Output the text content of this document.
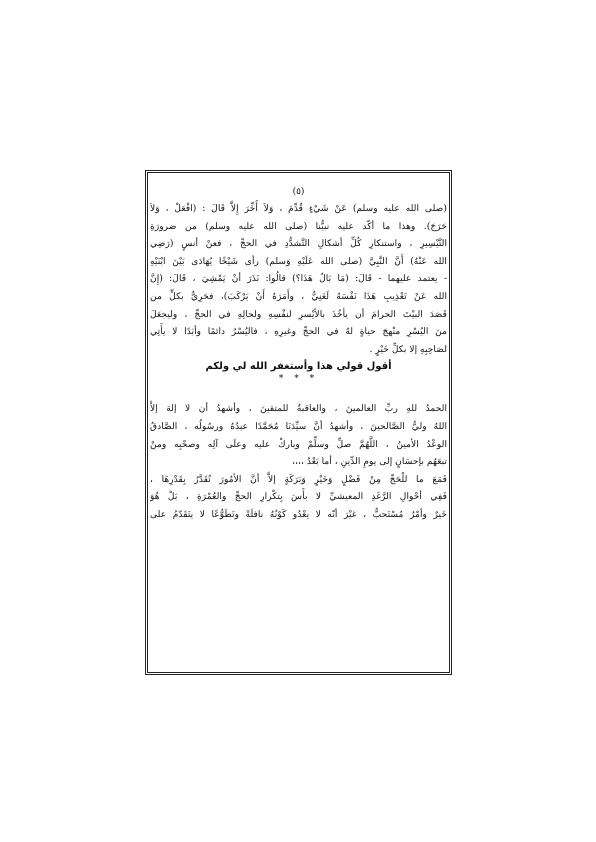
(٥)
(صلى الله عليه وسلم) عَنْ شَيْءٍ قُدِّمَ ، وَلاَ أُخِّرَ إِلاَّ قَالَ : (افْعَلْ ، وَلاَ
حَرَجَ). وهذا ما أكّد عليه نبيُّنا (صلى الله عليه وسلم) من ضرورَةِ
التَّيْسِيرِ ، واستنكارِ كُلِّ أشكالِ التَّشدُّدِ في الحجِّ ، فعنْ أنسٍ (رَضِي
الله عَنْهُ) أَنَّ النَّبِيَّ (صلى الله عَلَيْهِ وَسلم) رأى شَيْخًا يُهَادَى بَيْنَ ابْنَيْهِ
- يعتمد عليهما - قَالَ: (مَا بَالُ هَذَا؟) قالُوا: نَذَرَ أنْ يَمْشِيَ ، قَالَ: (إِنَّ
الله عَنْ تَعْذِيبِ هَذَا نَفْسَهُ لَغَنِيٌّ ، وأَمَرَهُ أَنْ يَرْكَبَ)، فحَرِيٌّ بكلٍّ من
قَصَدَ البيْتَ الحرامَ أن يأخُذَ بالأيْسرِ لنفْسِهِ ولحالِهِ في الحجِّ ، وليجعَلَ
منَ اليُسْرِ منْهجَ حياةٍ لهُ في الحجِّ وغيرِهِ ، فاليُسْرُ دائمًا وأبَدًا لا يأْتِي
لصَاحِبِهِ إلا بكلِّ خَيْرٍ .
أقول قولي هذا وأستغفر الله لي ولكم
* * *
الحمدُ للهِ ربِّ العالمينَ ، والعاقبةُ للمتقينَ ، وأشهدُ أن لا إلهَ إلاَّ
اللهُ وليُّ الصَّالحينَ ، وأشهدُ أنَّ سيِّدَنَا مُحَمَّدًا عبدُهُ ورسُولُه ، الصَّادقُ
الوعْدُ الأمينُ ، اللَّهُمَّ صلِّ وسلِّمْ وباركْ عليه وعلَى آلِه وصحْبِه ومنْ
تبعَهُم بإحسَانٍ إلى يومِ الدِّينِ ، أما بَعْدُ ،،،،
فَمَعَ ما للْحَجِّ مِنْ فَضْلٍ وَخَيْرٍ وَبَرَكَةٍ إلاَّ أنَّ الأمُورَ تُقَدَّرُ بِقَدْرِهَا ،
فَفِي أحْوالِ الرَّغَدِ المعيشيِّ لا بأْسَ بِتكْرارِ الحجِّ والعُمْرَةِ ، بَلْ هُوَ
خَيرٌ وأمْرٌ مُسْتَحبٌّ ، غيْرَ أنّه لا يعْدُو كَوْنُهُ نافلَةً وتَطَوُّعًا لا يتَقَدّمُ على
